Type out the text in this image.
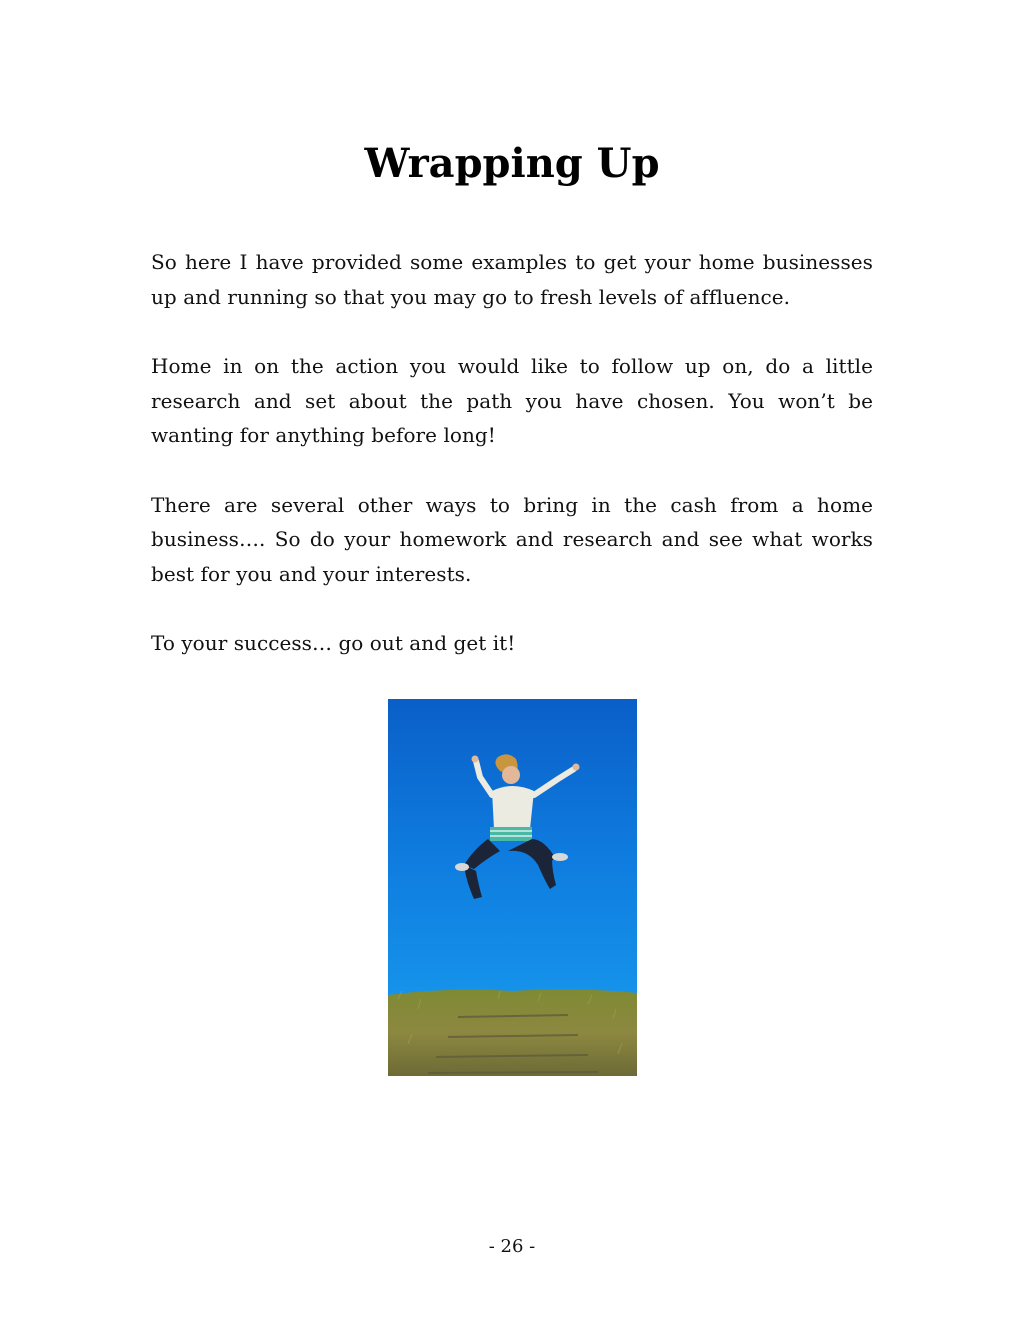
Wrapping Up

So here I have provided some examples to get your home businesses up and running so that you may go to fresh levels of affluence.

Home in on the action you would like to follow up on, do a little research and set about the path you have chosen. You won’t be wanting for anything before long!

There are several other ways to bring in the cash from a home business…. So do your homework and research and see what works best for you and your interests.

To your success… go out and get it!

- 26 -
